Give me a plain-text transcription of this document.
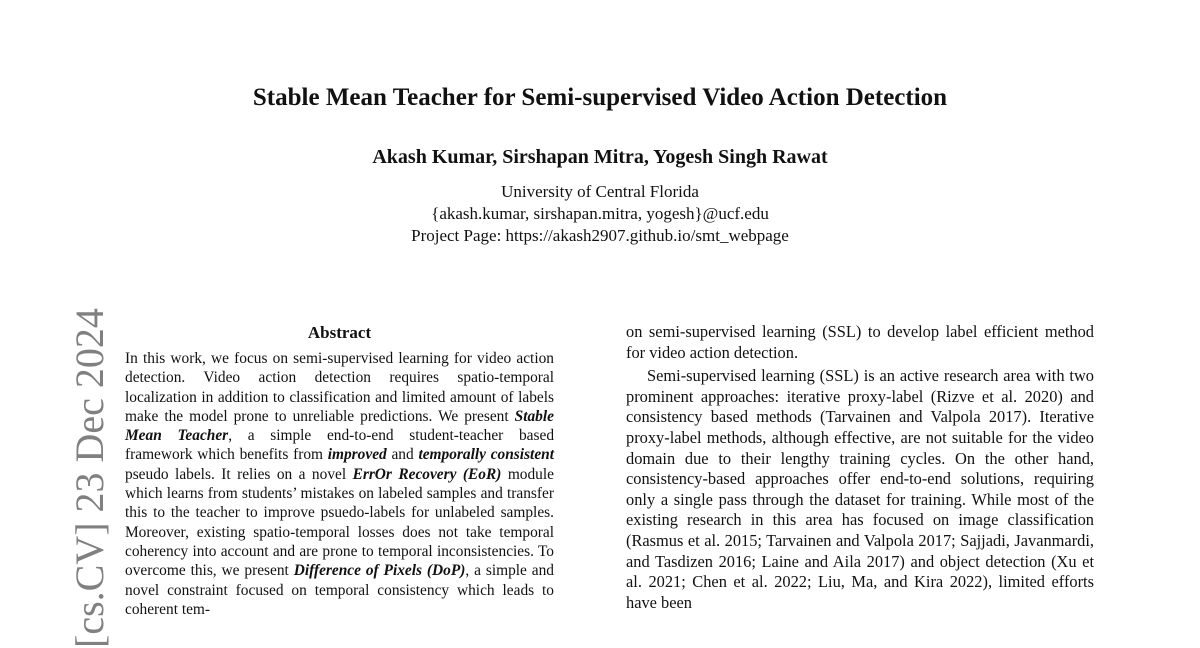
Stable Mean Teacher for Semi-supervised Video Action Detection
Akash Kumar, Sirshapan Mitra, Yogesh Singh Rawat
University of Central Florida
{akash.kumar, sirshapan.mitra, yogesh}@ucf.edu
Project Page: https://akash2907.github.io/smt_webpage
[cs.CV] 23 Dec 2024	Abstract

In this work, we focus on semi-supervised learning for video action detection. Video action detection requires spatio-temporal localization in addition to classification and limited amount of labels make the model prone to unreliable predictions. We present Stable Mean Teacher, a simple end-to-end student-teacher based framework which benefits from improved and temporally consistent pseudo labels. It relies on a novel ErrOr Recovery (EoR) module which learns from students’ mistakes on labeled samples and transfer this to the teacher to improve psuedo-labels for unlabeled samples. Moreover, existing spatio-temporal losses does not take temporal coherency into account and are prone to temporal inconsistencies. To overcome this, we present Difference of Pixels (DoP), a simple and novel constraint focused on temporal consistency which leads to coherent tem-

on semi-supervised learning (SSL) to develop label efficient method for video action detection.

Semi-supervised learning (SSL) is an active research area with two prominent approaches: iterative proxy-label (Rizve et al. 2020) and consistency based methods (Tarvainen and Valpola 2017). Iterative proxy-label methods, although effective, are not suitable for the video domain due to their lengthy training cycles. On the other hand, consistency-based approaches offer end-to-end solutions, requiring only a single pass through the dataset for training. While most of the existing research in this area has focused on image classification (Rasmus et al. 2015; Tarvainen and Valpola 2017; Sajjadi, Javanmardi, and Tasdizen 2016; Laine and Aila 2017) and object detection (Xu et al. 2021; Chen et al. 2022; Liu, Ma, and Kira 2022), limited efforts have been
